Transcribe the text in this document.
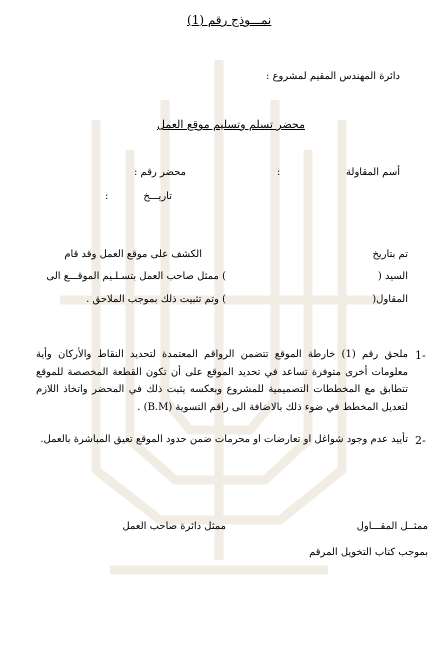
نمـــوذج رقم (1)
دائرة المهندس المقيم لمشروع :
محضر تسلم وتسليم موقع العمل
أسم المقاولة
:
محضر رقم :
تاريـــخ
:
تم بتاريخ
الكشف على موقع العمل وقد قام
السيد (
) ممثل صاحب العمل بتسـلـيم الموقـــع الى
المقاول(
) وتم تثبيت ذلك بموجب الملاحق .
1-
ملحق رقم (1) خارطة الموقع تتضمن الرواقم المعتمدة لتحديد النقاط والأركان وأية معلومات أخرى متوفرة تساعد في تحديد الموقع على أن تكون القطعة المخصصة للموقع تتطابق مع المخططات التصميمية للمشروع وبعكسه يثبت ذلك في المحضر واتخاذ اللازم لتعديل المخطط في ضوء ذلك بالاضافة الى راقم التسوية (B.M) .
2-
تأييد عدم وجود شواغل او تعارضات او محرمات ضمن حدود الموقع تعيق المباشرة بالعمل.
ممثــل المقـــاول
ممثل دائرة صاحب العمل
بموجب كتاب التخويل المرقم
